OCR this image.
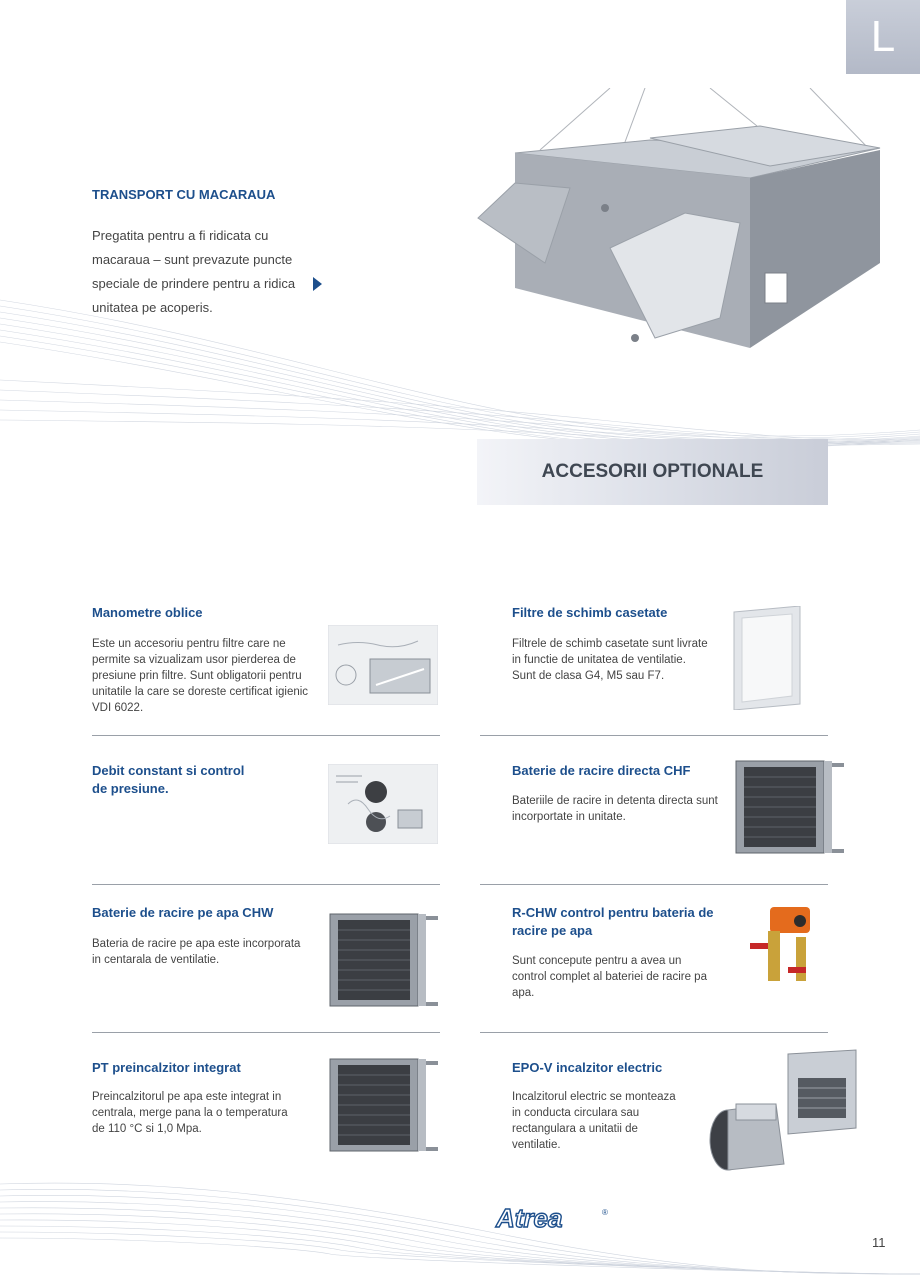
L
TRANSPORT CU MACARAUA
Pregatita pentru a fi ridicata cu macaraua – sunt prevazute puncte speciale de prindere pentru a ridica unitatea pe acoperis.
ACCESORII OPTIONALE
Manometre oblice
Este un accesoriu pentru filtre care ne permite sa vizualizam usor pierderea de presiune prin filtre. Sunt obligatorii pentru unitatile la care se doreste certificat igienic VDI 6022.
Filtre de schimb casetate
Filtrele de schimb casetate sunt livrate in functie de unitatea de ventilatie. Sunt de clasa G4, M5 sau F7.
Debit constant si control de presiune.
Baterie de racire directa CHF
Bateriile de racire in detenta directa sunt incorportate in unitate.
Baterie de racire pe apa CHW
Bateria de racire pe apa este incorporata in centarala de ventilatie.
R-CHW control pentru bateria de racire pe apa
Sunt concepute pentru a avea un control complet al bateriei de racire pa apa.
PT preincalzitor integrat
Preincalzitorul pe apa este integrat in centrala, merge pana la o temperatura de 110 °C si 1,0 Mpa.
EPO-V incalzitor electric
Incalzitorul electric se monteaza in conducta circulara sau rectangulara a unitatii de ventilatie.
Atrea	®
11
